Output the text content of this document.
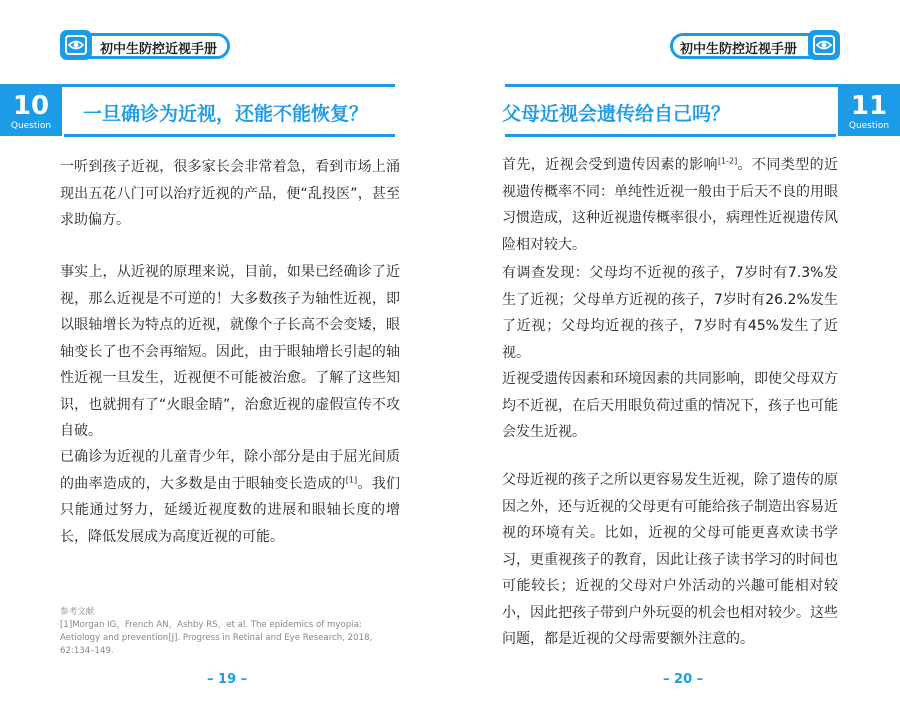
初中生防控近视手册
10
Question
一旦确诊为近视，还能不能恢复？
一听到孩子近视，很多家长会非常着急，看到市场上涌现出五花八门可以治疗近视的产品，便“乱投医”，甚至求助偏方。
事实上，从近视的原理来说，目前，如果已经确诊了近视，那么近视是不可逆的！大多数孩子为轴性近视，即以眼轴增长为特点的近视，就像个子长高不会变矮，眼轴变长了也不会再缩短。因此，由于眼轴增长引起的轴性近视一旦发生，近视便不可能被治愈。了解了这些知识，也就拥有了“火眼金睛”，治愈近视的虚假宣传不攻自破。
已确诊为近视的儿童青少年，除小部分是由于屈光间质的曲率造成的，大多数是由于眼轴变长造成的[1]。我们只能通过努力，延缓近视度数的进展和眼轴长度的增长，降低发展成为高度近视的可能。
参考文献
[1]Morgan IG，French AN，Ashby RS，et al. The epidemics of myopia: Aetiology and prevention[J]. Progress in Retinal and Eye Research, 2018, 62:134–149.
– 19 –
初中生防控近视手册
11
Question
父母近视会遗传给自己吗？
首先，近视会受到遗传因素的影响[1-2]。不同类型的近视遗传概率不同：单纯性近视一般由于后天不良的用眼习惯造成，这种近视遗传概率很小，病理性近视遗传风险相对较大。
有调查发现：父母均不近视的孩子，7岁时有7.3%发生了近视；父母单方近视的孩子，7岁时有26.2%发生了近视；父母均近视的孩子，7岁时有45%发生了近视。
近视受遗传因素和环境因素的共同影响，即使父母双方均不近视，在后天用眼负荷过重的情况下，孩子也可能会发生近视。
父母近视的孩子之所以更容易发生近视，除了遗传的原因之外，还与近视的父母更有可能给孩子制造出容易近视的环境有关。比如，近视的父母可能更喜欢读书学习，更重视孩子的教育，因此让孩子读书学习的时间也可能较长；近视的父母对户外活动的兴趣可能相对较小，因此把孩子带到户外玩耍的机会也相对较少。这些问题，都是近视的父母需要额外注意的。
– 20 –
